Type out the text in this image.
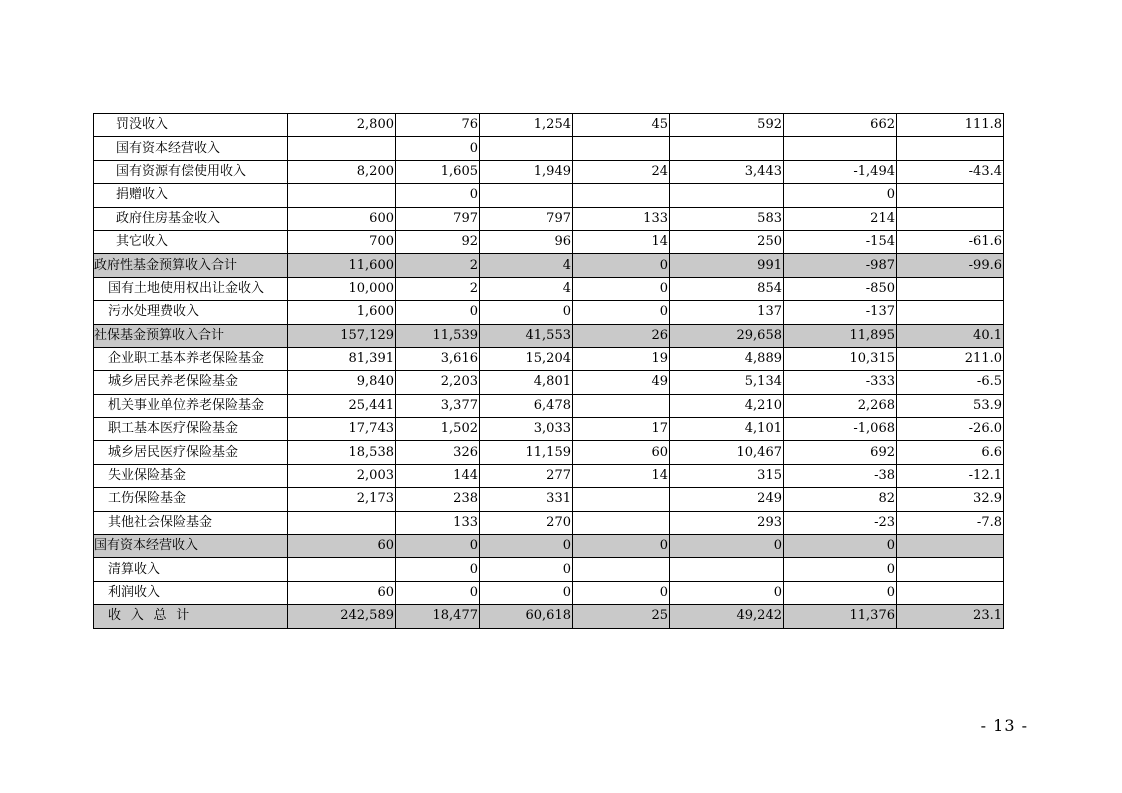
罚没收入	2,800	76	1,254	45	592	662	111.8
国有资本经营收入		0					
国有资源有偿使用收入	8,200	1,605	1,949	24	3,443	-1,494	-43.4
捐赠收入		0				0	
政府住房基金收入	600	797	797	133	583	214	
其它收入	700	92	96	14	250	-154	-61.6
政府性基金预算收入合计	11,600	2	4	0	991	-987	-99.6
国有土地使用权出让金收入	10,000	2	4	0	854	-850	
污水处理费收入	1,600	0	0	0	137	-137	
社保基金预算收入合计	157,129	11,539	41,553	26	29,658	11,895	40.1
企业职工基本养老保险基金	81,391	3,616	15,204	19	4,889	10,315	211.0
城乡居民养老保险基金	9,840	2,203	4,801	49	5,134	-333	-6.5
机关事业单位养老保险基金	25,441	3,377	6,478		4,210	2,268	53.9
职工基本医疗保险基金	17,743	1,502	3,033	17	4,101	-1,068	-26.0
城乡居民医疗保险基金	18,538	326	11,159	60	10,467	692	6.6
失业保险基金	2,003	144	277	14	315	-38	-12.1
工伤保险基金	2,173	238	331		249	82	32.9
其他社会保险基金		133	270		293	-23	-7.8
国有资本经营收入	60	0	0	0	0	0	
清算收入		0	0			0	
利润收入	60	0	0	0	0	0	
收入总计	242,589	18,477	60,618	25	49,242	11,376	23.1
- 13 -
